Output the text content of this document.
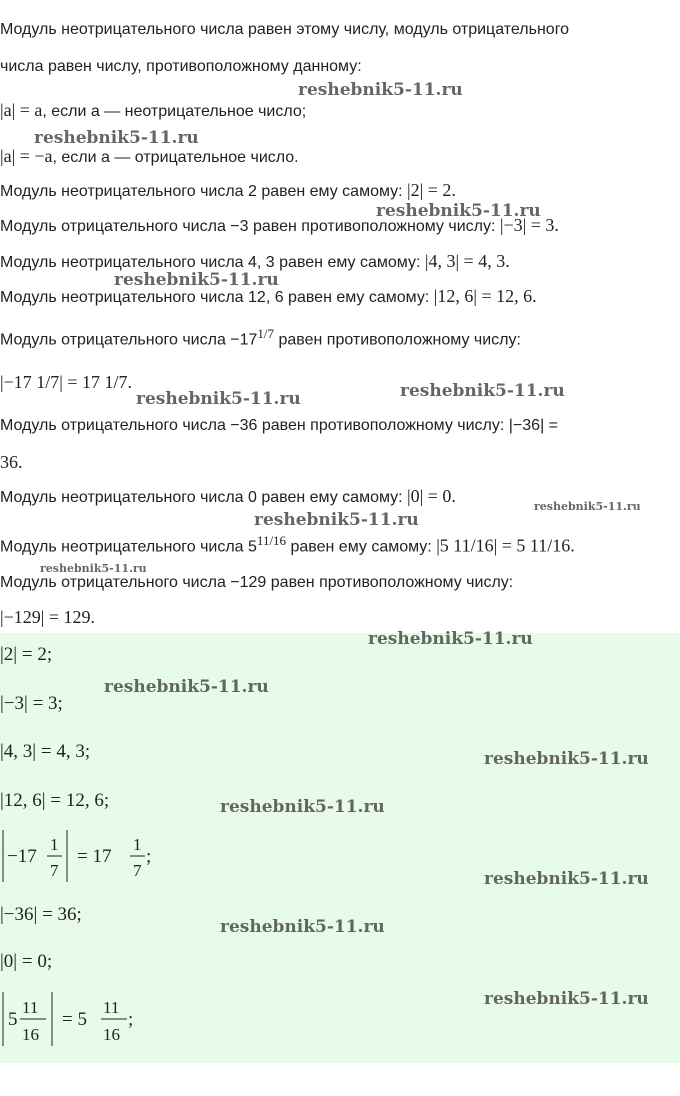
Модуль неотрицательного числа равен этому числу, модуль отрицательного
числа равен числу, противоположному данному:
|a| = a, если a — неотрицательное число;
|a| = −a, если a — отрицательное число.
Модуль неотрицательного числа 2 равен ему самому: |2| = 2.
Модуль отрицательного числа −3 равен противоположному числу: |−3| = 3.
Модуль неотрицательного числа 4, 3 равен ему самому: |4, 3| = 4, 3.
Модуль неотрицательного числа 12, 6 равен ему самому: |12, 6| = 12, 6.
Модуль отрицательного числа $-17^{1/7}$ равен противоположному числу:
|−17 1/7| = 17 1/7.
Модуль отрицательного числа −36 равен противоположному числу: |−36| =
36.
Модуль неотрицательного числа 0 равен ему самому: |0| = 0.
Модуль неотрицательного числа $5^{11/16}$ равен ему самому: |5 11/16| = 5 11/16.
Модуль отрицательного числа −129 равен противоположному числу:
|−129| = 129.
|2| = 2;
|−3| = 3;
|4, 3| = 4, 3;
|12, 6| = 12, 6;
−17
1
7
= 17
1
7
;
|−36| = 36;
|0| = 0;
5
11
16
= 5
11
16
;
reshebnik5-11.ru
reshebnik5-11.ru
reshebnik5-11.ru
reshebnik5-11.ru
reshebnik5-11.ru
reshebnik5-11.ru
reshebnik5-11.ru
reshebnik5-11.ru
reshebnik5-11.ru
reshebnik5-11.ru
reshebnik5-11.ru
reshebnik5-11.ru
reshebnik5-11.ru
reshebnik5-11.ru
reshebnik5-11.ru
reshebnik5-11.ru
